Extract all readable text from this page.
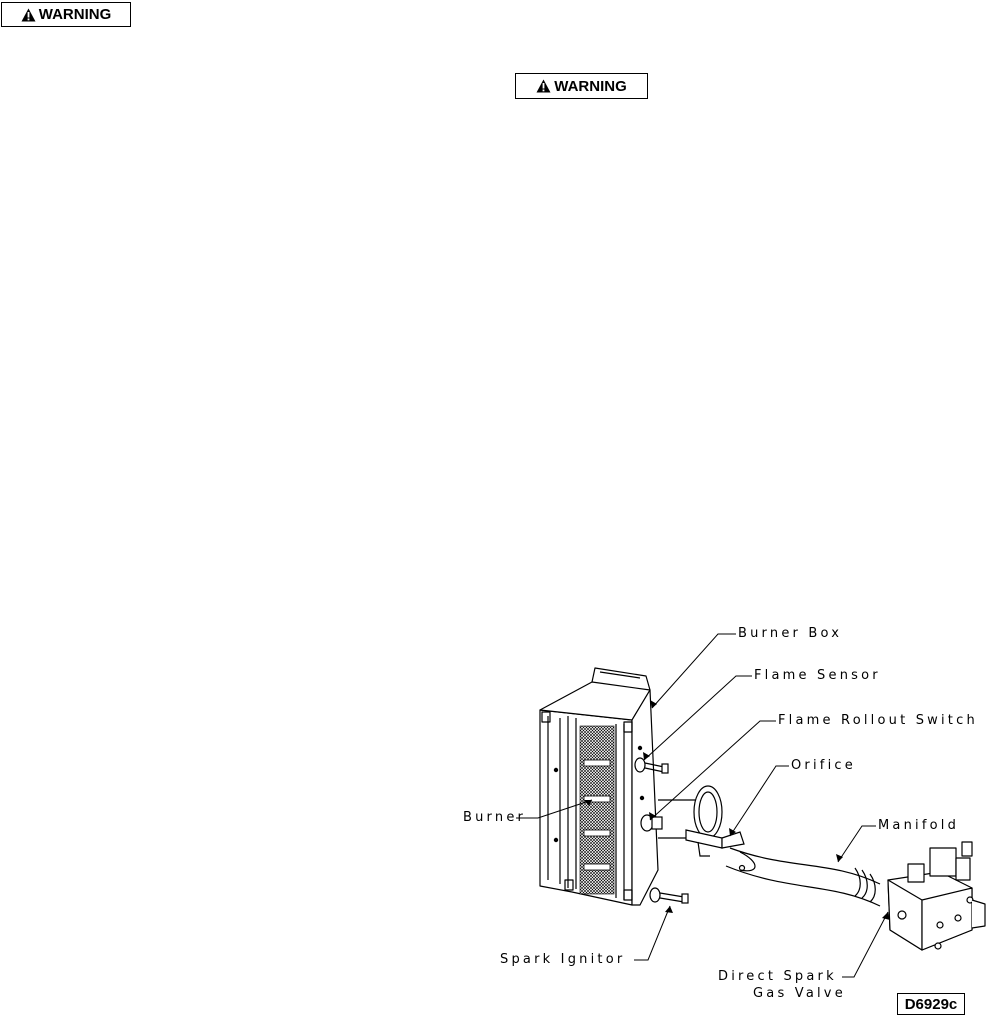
WARNING
WARNING
Burner Box
Flame Sensor
Flame Rollout Switch
Orifice
Manifold
Burner
Spark Ignitor
Direct Spark
Gas Valve
D6929c
